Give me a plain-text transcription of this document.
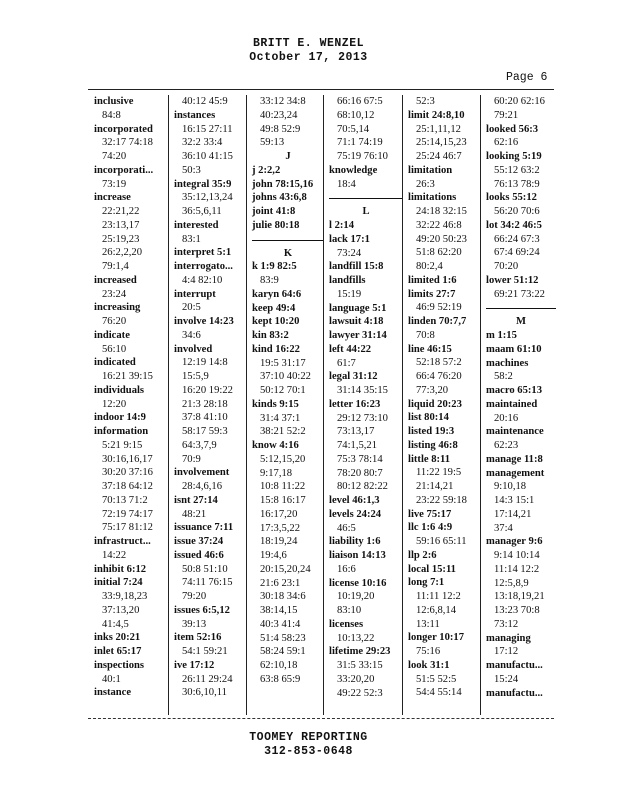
BRITT E. WENZEL
October 17, 2013
Page 6
inclusive
84:8
incorporated
32:17 74:18
74:20
incorporati...
73:19
increase
22:21,22
23:13,17
25:19,23
26:2,2,20
79:1,4
increased
23:24
increasing
76:20
indicate
56:10
indicated
16:21 39:15
individuals
12:20
indoor 14:9
information
5:21 9:15
30:16,16,17
30:20 37:16
37:18 64:12
70:13 71:2
72:19 74:17
75:17 81:12
infrastruct...
14:22
inhibit 6:12
initial 7:24
33:9,18,23
37:13,20
41:4,5
inks 20:21
inlet 65:17
inspections
40:1
instance
40:12 45:9
instances
16:15 27:11
32:2 33:4
36:10 41:15
50:3
integral 35:9
35:12,13,24
36:5,6,11
interested
83:1
interpret 5:1
interrogato...
4:4 82:10
interrupt
20:5
involve 14:23
34:6
involved
12:19 14:8
15:5,9
16:20 19:22
21:3 28:18
37:8 41:10
58:17 59:3
64:3,7,9
70:9
involvement
28:4,6,16
isnt 27:14
48:21
issuance 7:11
issue 37:24
issued 46:6
50:8 51:10
74:11 76:15
79:20
issues 6:5,12
39:13
item 52:16
54:1 59:21
ive 17:12
26:11 29:24
30:6,10,11
33:12 34:8
40:23,24
49:8 52:9
59:13
J
j 2:2,2
john 78:15,16
johns 43:6,8
joint 41:8
julie 80:18
K
k 1:9 82:5
83:9
karyn 64:6
keep 49:4
kept 10:20
kin 83:2
kind 16:22
19:5 31:17
37:10 40:22
50:12 70:1
kinds 9:15
31:4 37:1
38:21 52:2
know 4:16
5:12,15,20
9:17,18
10:8 11:22
15:8 16:17
16:17,20
17:3,5,22
18:19,24
19:4,6
20:15,20,24
21:6 23:1
30:18 34:6
38:14,15
40:3 41:4
51:4 58:23
58:24 59:1
62:10,18
63:8 65:9
66:16 67:5
68:10,12
70:5,14
71:1 74:19
75:19 76:10
knowledge
18:4
L
l 2:14
lack 17:1
73:24
landfill 15:8
landfills
15:19
language 5:1
lawsuit 4:18
lawyer 31:14
left 44:22
61:7
legal 31:12
31:14 35:15
letter 16:23
29:12 73:10
73:13,17
74:1,5,21
75:3 78:14
78:20 80:7
80:12 82:22
level 46:1,3
levels 24:24
46:5
liability 1:6
liaison 14:13
16:6
license 10:16
10:19,20
83:10
licenses
10:13,22
lifetime 29:23
31:5 33:15
33:20,20
49:22 52:3
52:3
limit 24:8,10
25:1,11,12
25:14,15,23
25:24 46:7
limitation
26:3
limitations
24:18 32:15
32:22 46:8
49:20 50:23
51:8 62:20
80:2,4
limited 1:6
limits 27:7
46:9 52:19
linden 70:7,7
70:8
line 46:15
52:18 57:2
66:4 76:20
77:3,20
liquid 20:23
list 80:14
listed 19:3
listing 46:8
little 8:11
11:22 19:5
21:14,21
23:22 59:18
live 75:17
llc 1:6 4:9
59:16 65:11
llp 2:6
local 15:11
long 7:1
11:11 12:2
12:6,8,14
13:11
longer 10:17
75:16
look 31:1
51:5 52:5
54:4 55:14
60:20 62:16
79:21
looked 56:3
62:16
looking 5:19
55:12 63:2
76:13 78:9
looks 55:12
56:20 70:6
lot 34:2 46:5
66:24 67:3
67:4 69:24
70:20
lower 51:12
69:21 73:22
M
m 1:15
maam 61:10
machines
58:2
macro 65:13
maintained
20:16
maintenance
62:23
manage 11:8
management
9:10,18
14:3 15:1
17:14,21
37:4
manager 9:6
9:14 10:14
11:14 12:2
12:5,8,9
13:18,19,21
13:23 70:8
73:12
managing
17:12
manufactu...
15:24
manufactu...
TOOMEY REPORTING
312-853-0648
